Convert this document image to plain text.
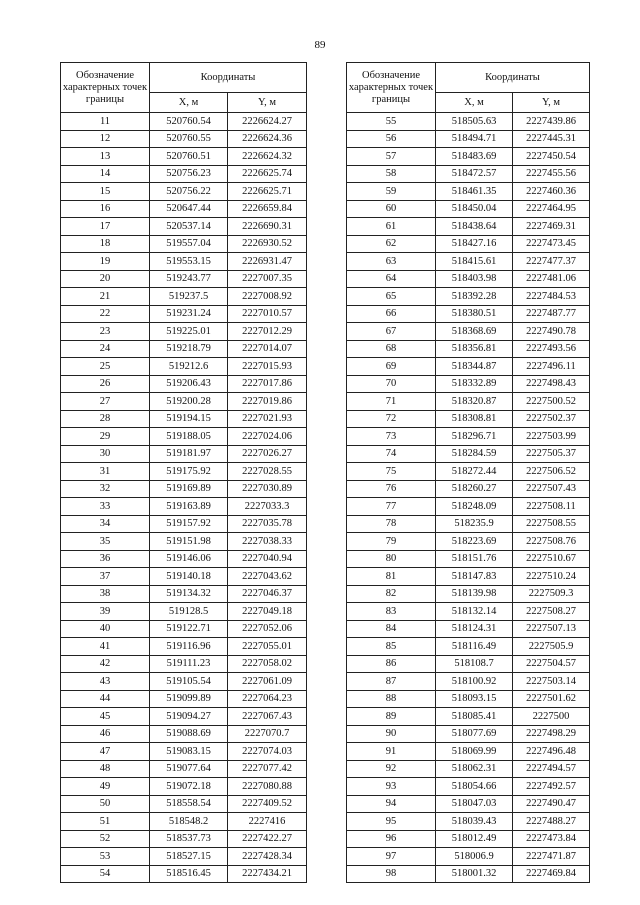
89
Обозначение характерных точек границы	Координаты	
	X, м	Y, м
11	520760.54	2226624.27
12	520760.55	2226624.36
13	520760.51	2226624.32
14	520756.23	2226625.74
15	520756.22	2226625.71
16	520647.44	2226659.84
17	520537.14	2226690.31
18	519557.04	2226930.52
19	519553.15	2226931.47
20	519243.77	2227007.35
21	519237.5	2227008.92
22	519231.24	2227010.57
23	519225.01	2227012.29
24	519218.79	2227014.07
25	519212.6	2227015.93
26	519206.43	2227017.86
27	519200.28	2227019.86
28	519194.15	2227021.93
29	519188.05	2227024.06
30	519181.97	2227026.27
31	519175.92	2227028.55
32	519169.89	2227030.89
33	519163.89	2227033.3
34	519157.92	2227035.78
35	519151.98	2227038.33
36	519146.06	2227040.94
37	519140.18	2227043.62
38	519134.32	2227046.37
39	519128.5	2227049.18
40	519122.71	2227052.06
41	519116.96	2227055.01
42	519111.23	2227058.02
43	519105.54	2227061.09
44	519099.89	2227064.23
45	519094.27	2227067.43
46	519088.69	2227070.7
47	519083.15	2227074.03
48	519077.64	2227077.42
49	519072.18	2227080.88
50	518558.54	2227409.52
51	518548.2	2227416
52	518537.73	2227422.27
53	518527.15	2227428.34
54	518516.45	2227434.21
Обозначение характерных точек границы	Координаты	
	X, м	Y, м
55	518505.63	2227439.86
56	518494.71	2227445.31
57	518483.69	2227450.54
58	518472.57	2227455.56
59	518461.35	2227460.36
60	518450.04	2227464.95
61	518438.64	2227469.31
62	518427.16	2227473.45
63	518415.61	2227477.37
64	518403.98	2227481.06
65	518392.28	2227484.53
66	518380.51	2227487.77
67	518368.69	2227490.78
68	518356.81	2227493.56
69	518344.87	2227496.11
70	518332.89	2227498.43
71	518320.87	2227500.52
72	518308.81	2227502.37
73	518296.71	2227503.99
74	518284.59	2227505.37
75	518272.44	2227506.52
76	518260.27	2227507.43
77	518248.09	2227508.11
78	518235.9	2227508.55
79	518223.69	2227508.76
80	518151.76	2227510.67
81	518147.83	2227510.24
82	518139.98	2227509.3
83	518132.14	2227508.27
84	518124.31	2227507.13
85	518116.49	2227505.9
86	518108.7	2227504.57
87	518100.92	2227503.14
88	518093.15	2227501.62
89	518085.41	2227500
90	518077.69	2227498.29
91	518069.99	2227496.48
92	518062.31	2227494.57
93	518054.66	2227492.57
94	518047.03	2227490.47
95	518039.43	2227488.27
96	518012.49	2227473.84
97	518006.9	2227471.87
98	518001.32	2227469.84
